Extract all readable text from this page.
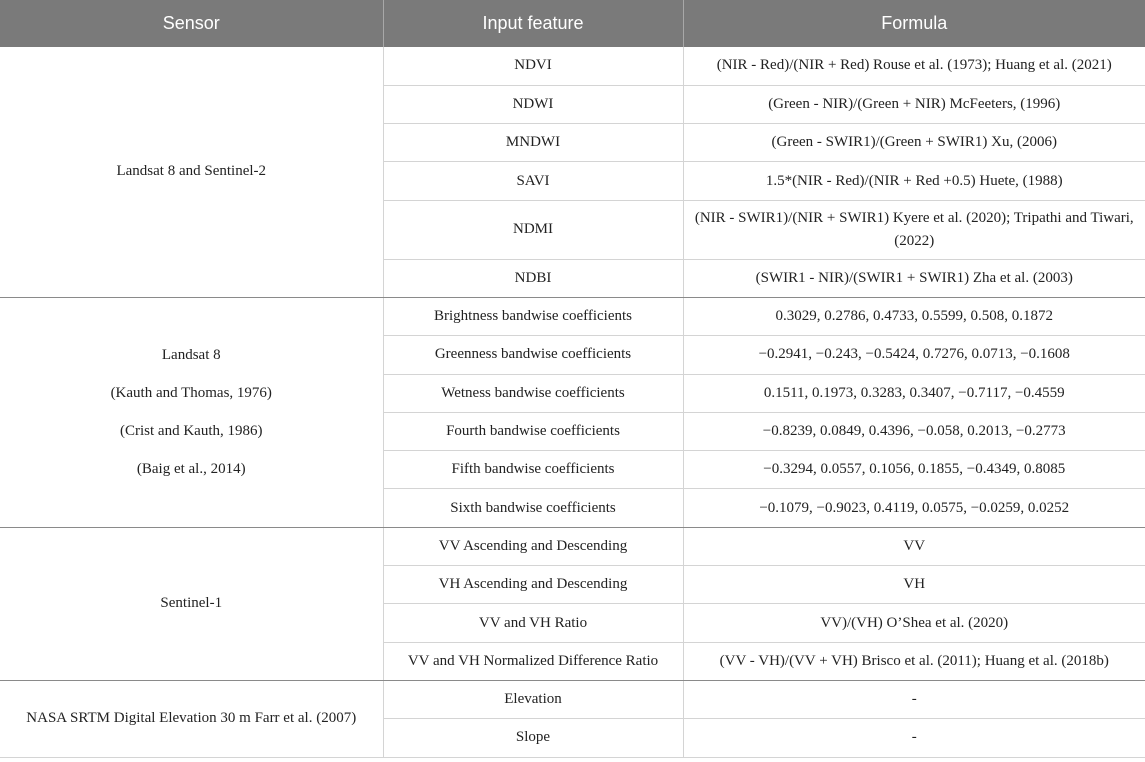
Sensor	Input feature	Formula
Landsat 8 and Sentinel-2	NDVI	(NIR - Red)/(NIR + Red) Rouse et al. (1973); Huang et al. (2021)
	NDWI	(Green - NIR)/(Green + NIR) McFeeters, (1996)
	MNDWI	(Green - SWIR1)/(Green + SWIR1) Xu, (2006)
	SAVI	1.5*(NIR - Red)/(NIR + Red +0.5) Huete, (1988)
	NDMI	(NIR - SWIR1)/(NIR + SWIR1) Kyere et al. (2020); Tripathi and Tiwari, (2022)
	NDBI	(SWIR1 - NIR)/(SWIR1 + SWIR1) Zha et al. (2003)

Landsat 8
(Kauth and Thomas, 1976)
(Crist and Kauth, 1986)
(Baig et al., 2014)	Brightness bandwise coefficients	0.3029, 0.2786, 0.4733, 0.5599, 0.508, 0.1872
	Greenness bandwise coefficients	−0.2941, −0.243, −0.5424, 0.7276, 0.0713, −0.1608
	Wetness bandwise coefficients	0.1511, 0.1973, 0.3283, 0.3407, −0.7117, −0.4559
	Fourth bandwise coefficients	−0.8239, 0.0849, 0.4396, −0.058, 0.2013, −0.2773
	Fifth bandwise coefficients	−0.3294, 0.0557, 0.1056, 0.1855, −0.4349, 0.8085
	Sixth bandwise coefficients	−0.1079, −0.9023, 0.4119, 0.0575, −0.0259, 0.0252
Sentinel-1	VV Ascending and Descending	VV
	VH Ascending and Descending	VH
	VV and VH Ratio	VV)/(VH) O’Shea et al. (2020)
	VV and VH Normalized Difference Ratio	(VV - VH)/(VV + VH) Brisco et al. (2011); Huang et al. (2018b)
NASA SRTM Digital Elevation 30 m Farr et al. (2007)	Elevation	-
	Slope	-
